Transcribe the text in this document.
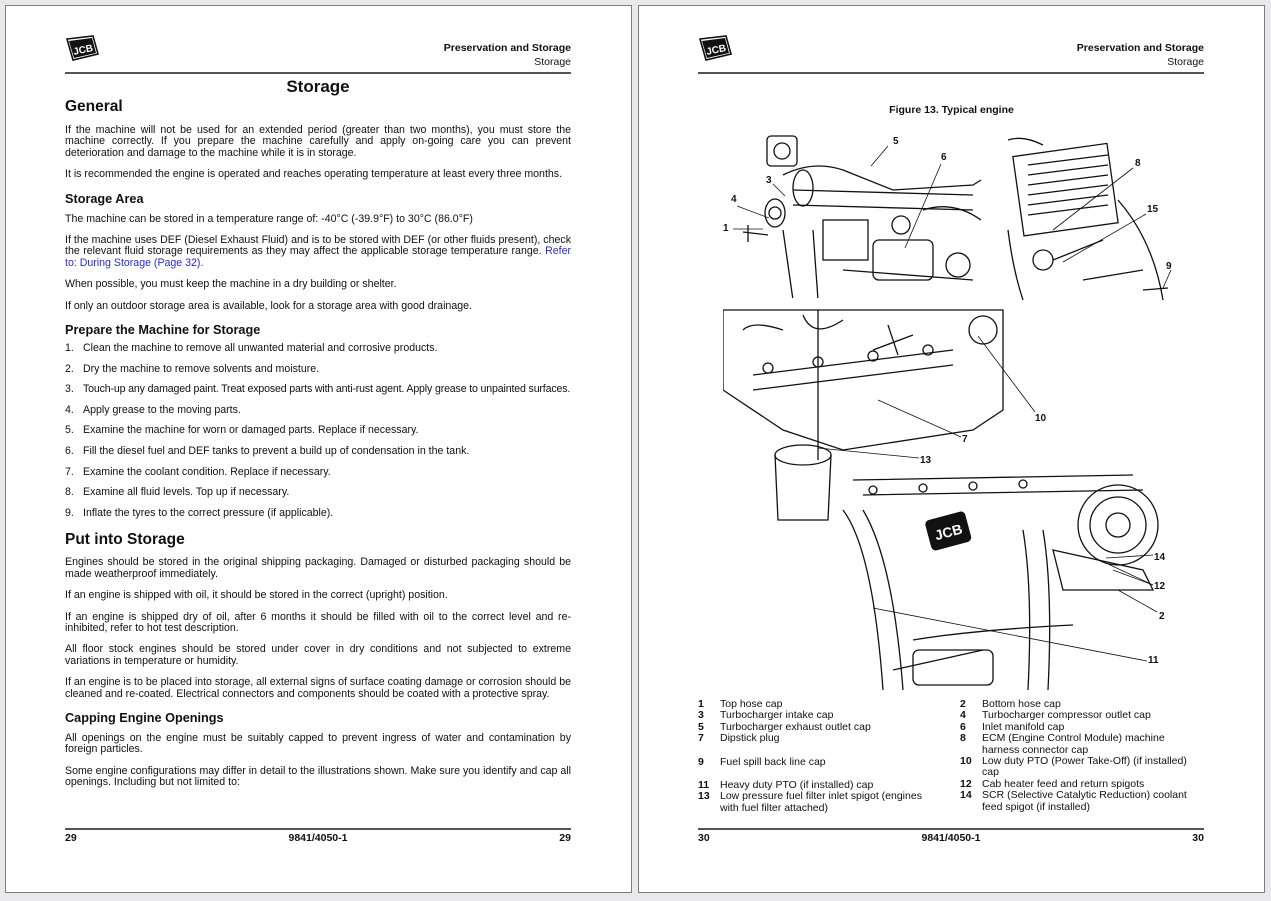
JCB	Preservation and Storage
Storage
Storage
General

If the machine will not be used for an extended period (greater than two months), you must store the machine correctly. If you prepare the machine carefully and apply on-going care you can prevent deterioration and damage to the machine while it is in storage.

It is recommended the engine is operated and reaches operating temperature at least every three months.

Storage Area

The machine can be stored in a temperature range of: -40°C (-39.9°F) to 30°C (86.0°F)

If the machine uses DEF (Diesel Exhaust Fluid) and is to be stored with DEF (or other fluids present), check the relevant fluid storage requirements as they may affect the applicable storage temperature range. Refer to: During Storage (Page 32).

When possible, you must keep the machine in a dry building or shelter.

If only an outdoor storage area is available, look for a storage area with good drainage.

Prepare the Machine for Storage
1. Clean the machine to remove all unwanted material and corrosive products.
2. Dry the machine to remove solvents and moisture.
3. Touch-up any damaged paint. Treat exposed parts with anti-rust agent. Apply grease to unpainted surfaces.
4. Apply grease to the moving parts.
5. Examine the machine for worn or damaged parts. Replace if necessary.
6. Fill the diesel fuel and DEF tanks to prevent a build up of condensation in the tank.
7. Examine the coolant condition. Replace if necessary.
8. Examine all fluid levels. Top up if necessary.
9. Inflate the tyres to the correct pressure (if applicable).
Put into Storage

Engines should be stored in the original shipping packaging. Damaged or disturbed packaging should be made weatherproof immediately.

If an engine is shipped with oil, it should be stored in the correct (upright) position.

If an engine is shipped dry of oil, after 6 months it should be filled with oil to the correct level and re-inhibited, refer to hot test description.

All floor stock engines should be stored under cover in dry conditions and not subjected to extreme variations in temperature or humidity.

If an engine is to be placed into storage, all external signs of surface coating damage or corrosion should be cleaned and re-coated. Electrical connectors and components should be coated with a protective spray.

Capping Engine Openings

All openings on the engine must be suitably capped to prevent ingress of water and contamination by foreign particles.

Some engine configurations may differ in detail to the illustrations shown. Make sure you identify and cap all openings. Including but not limited to:

29	9841/4050-1	29
JCB	Preservation and Storage
Storage
Figure 13. Typical engine
JCB
5
6
3
4
1
8
15
9
10
7
13
14
12
2
11
1	Top hose cap
3	Turbocharger intake cap
5	Turbocharger exhaust outlet cap
7	Dipstick plug
9	Fuel spill back line cap
11	Heavy duty PTO (if installed) cap
13 Low pressure fuel filter inlet spigot (engines with fuel filter attached)
2	Bottom hose cap
4	Turbocharger compressor outlet cap
6	Inlet manifold cap
8	ECM (Engine Control Module) machine harness connector cap
10 Low duty PTO (Power Take-Off) (if installed) cap
12 Cab heater feed and return spigots
14 SCR (Selective Catalytic Reduction) coolant feed spigot (if installed)
30	9841/4050-1	30
